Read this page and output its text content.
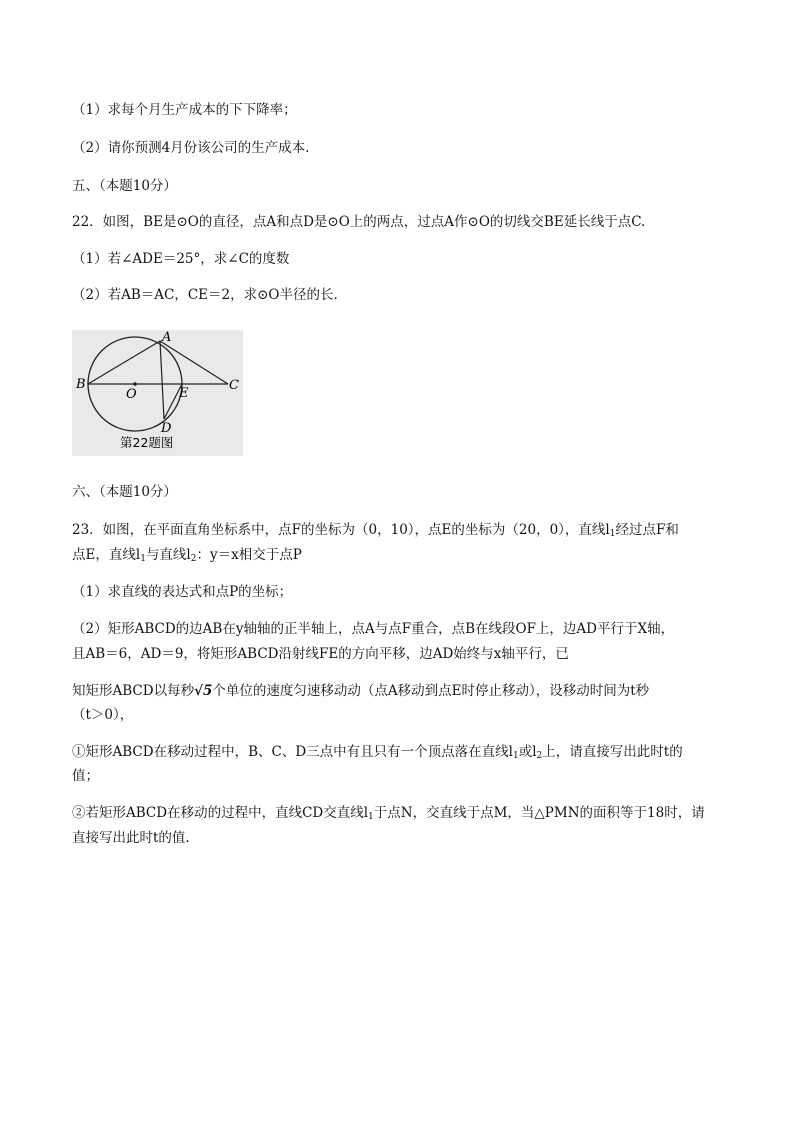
（1）求每个月生产成本的下下降率；
（2）请你预测4月份该公司的生产成本.
五、（本题10分）
22．如图，BE是⊙O的直径，点A和点D是⊙O上的两点，过点A作⊙O的切线交BE延长线于点C.
（1）若∠ADE＝25°，求∠C的度数
（2）若AB＝AC，CE＝2，求⊙O半径的长.
B
A
C
E
O
D
第22题图
六、（本题10分）
23．如图，在平面直角坐标系中，点F的坐标为（0，10），点E的坐标为（20，0），直线$l_1$经过点F和
点E，直线$l_1$与直线$l_2$：y＝x相交于点P
（1）求直线的表达式和点P的坐标；
（2）矩形ABCD的边AB在y轴轴的正半轴上，点A与点F重合，点B在线段OF上，边AD平行于X轴，
且AB＝6，AD＝9，将矩形ABCD沿射线FE的方向平移，边AD始终与x轴平行，已
知矩形ABCD以每秒√5个单位的速度匀速移动动（点A移动到点E时停止移动），设移动时间为t秒
（t＞0），
①矩形ABCD在移动过程中，B、C、D三点中有且只有一个顶点落在直线$l_1$或$l_2$上，请直接写出此时t的
值；
②若矩形ABCD在移动的过程中，直线CD交直线$l_1$于点N，交直线于点M，当△PMN的面积等于18时，请
直接写出此时t的值.
